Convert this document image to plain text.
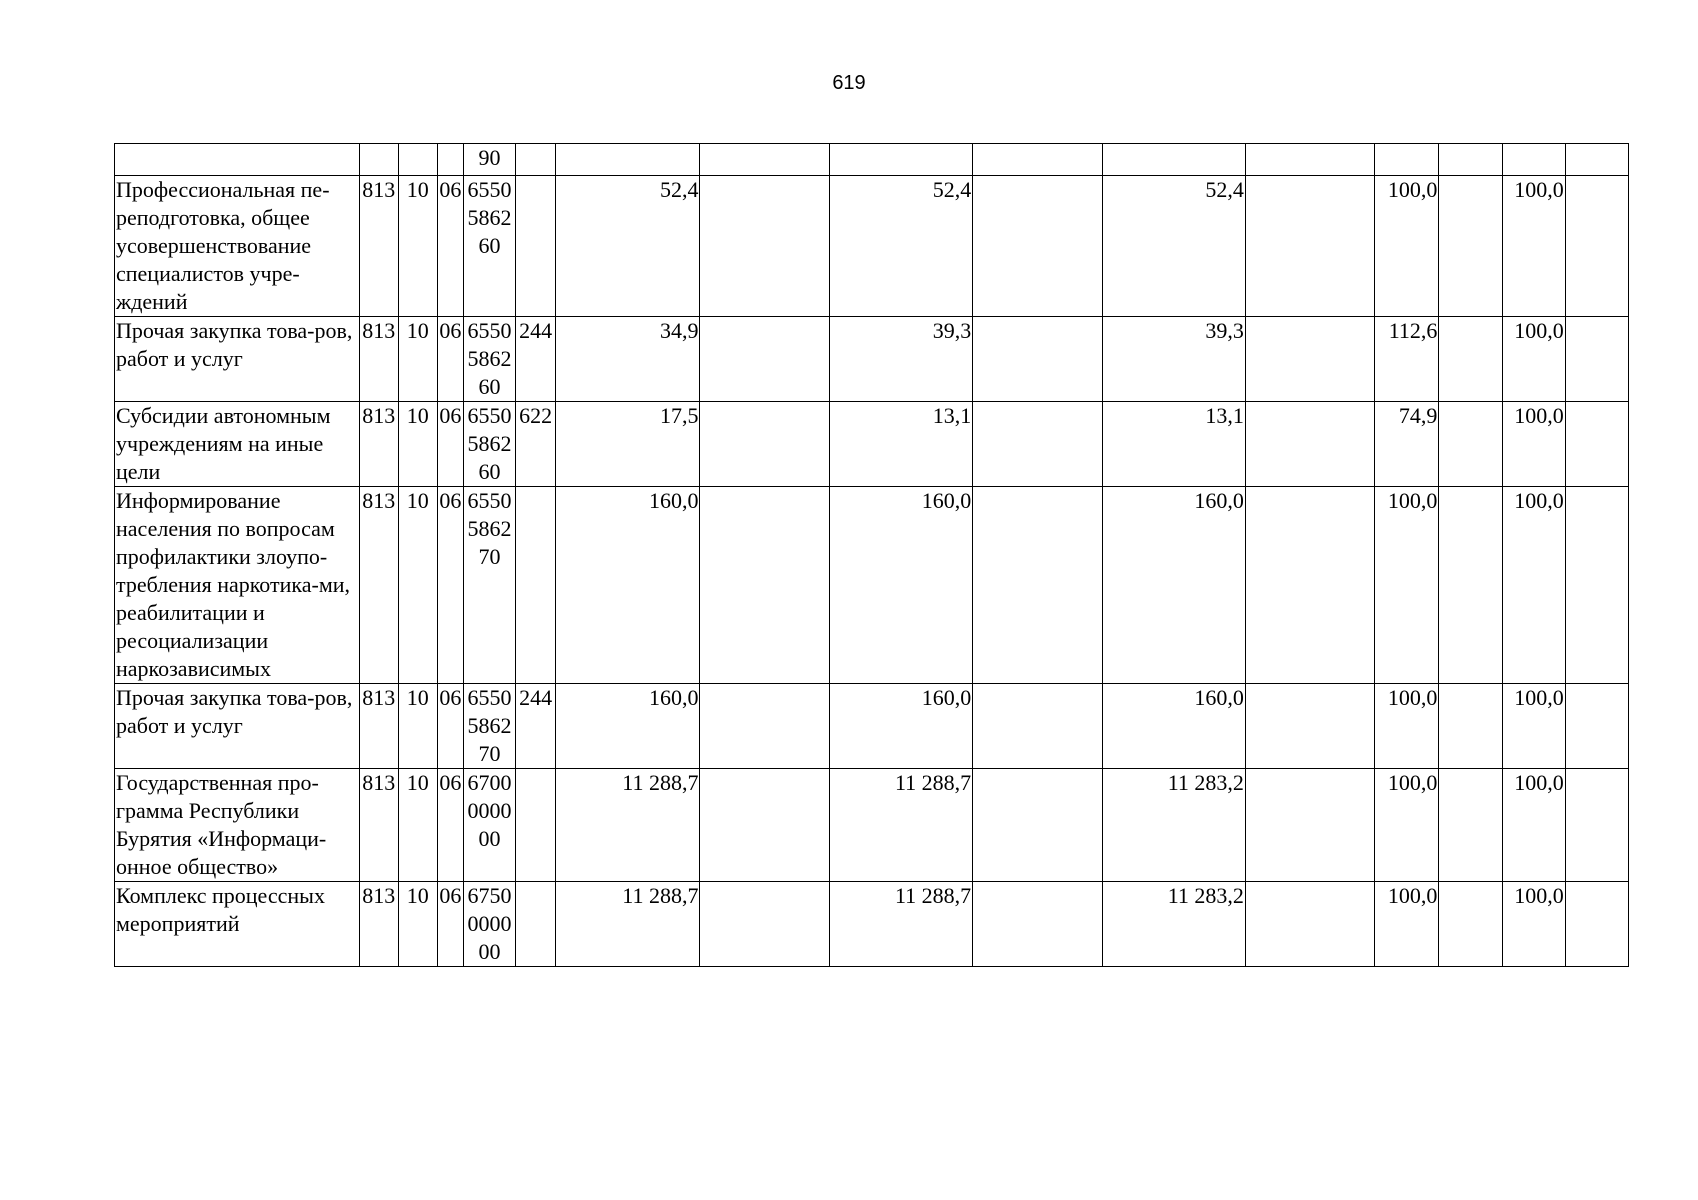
619
				90											
Профессиональная пе-реподготовка, общее усовершенствование специалистов учре-ждений	813	10	06	6550586260		52,4		52,4		52,4		100,0		100,0	
Прочая закупка това-ров, работ и услуг	813	10	06	6550586260	244	34,9		39,3		39,3		112,6		100,0	
Субсидии автономным учреждениям на иные цели	813	10	06	6550586260	622	17,5		13,1		13,1		74,9		100,0	
Информирование населения по вопросам профилактики злоупо-требления наркотика-ми, реабилитации и ресоциализации наркозависимых	813	10	06	6550586270		160,0		160,0		160,0		100,0		100,0	
Прочая закупка това-ров, работ и услуг	813	10	06	6550586270	244	160,0		160,0		160,0		100,0		100,0	
Государственная про-грамма Республики Бурятия «Информаци-онное общество»	813	10	06	6700000000		11 288,7		11 288,7		11 283,2		100,0		100,0	
Комплекс процессных мероприятий	813	10	06	6750000000		11 288,7		11 288,7		11 283,2		100,0		100,0	
